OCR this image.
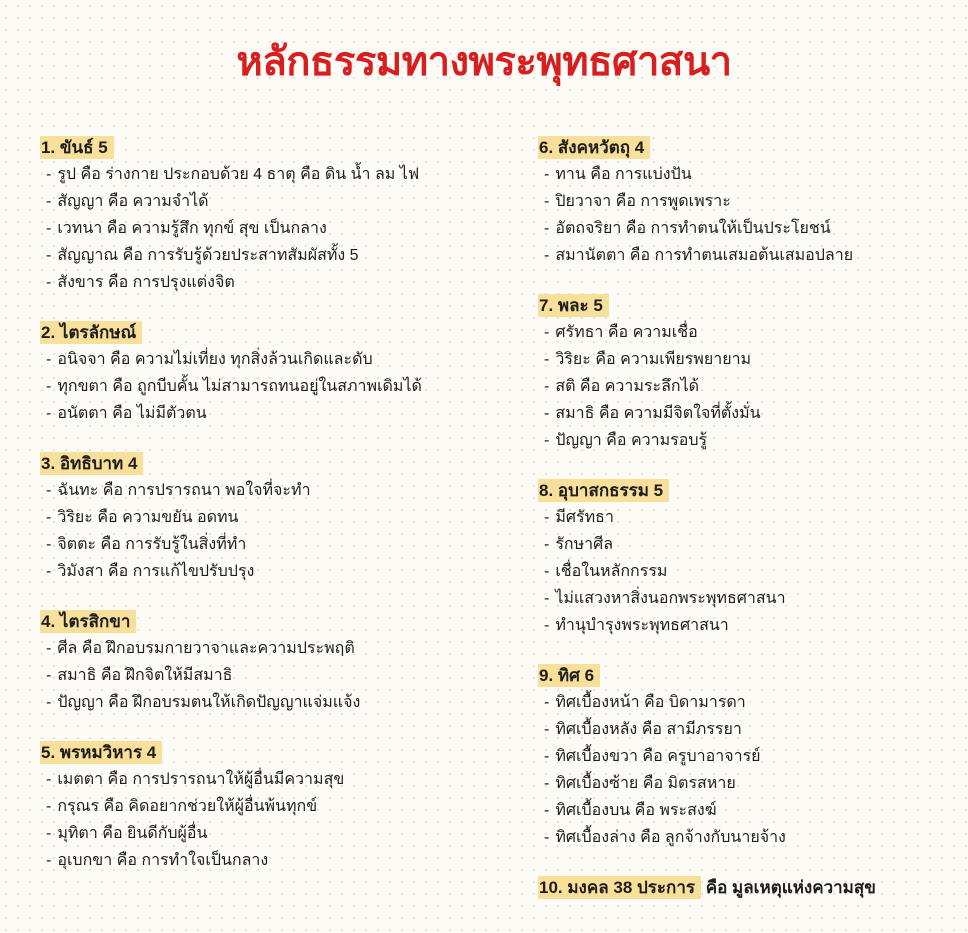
หลักธรรมทางพระพุทธศาสนา
1. ขันธ์ 5
- รูป คือ ร่างกาย ประกอบด้วย 4 ธาตุ คือ ดิน น้ำ ลม ไฟ
- สัญญา คือ ความจำได้
- เวทนา คือ ความรู้สึก ทุกข์ สุข เป็นกลาง
- สัญญาณ คือ การรับรู้ด้วยประสาทสัมผัสทั้ง 5
- สังขาร คือ การปรุงแต่งจิต
2. ไตรลักษณ์
- อนิจจา คือ ความไม่เที่ยง ทุกสิ่งล้วนเกิดและดับ
- ทุกขตา คือ ถูกบีบคั้น ไม่สามารถทนอยู่ในสภาพเดิมได้
- อนัตตา คือ ไม่มีตัวตน
3. อิทธิบาท 4
- ฉันทะ คือ การปรารถนา พอใจที่จะทำ
- วิริยะ คือ ความขยัน อดทน
- จิตตะ คือ การรับรู้ในสิ่งที่ทำ
- วิมังสา คือ การแก้ไขปรับปรุง
4. ไตรสิกขา
- ศีล คือ ฝึกอบรมกายวาจาและความประพฤติ
- สมาธิ คือ ฝึกจิตให้มีสมาธิ
- ปัญญา คือ ฝึกอบรมตนให้เกิดปัญญาแจ่มแจ้ง
5. พรหมวิหาร 4
- เมตตา คือ การปรารถนาให้ผู้อื่นมีความสุข
- กรุณร คือ คิดอยากช่วยให้ผู้อื่นพ้นทุกข์
- มุทิตา คือ ยินดีกับผู้อื่น
- อุเบกขา คือ การทำใจเป็นกลาง
6. สังคหวัตถุ 4
- ทาน คือ การแบ่งปัน
- ปิยวาจา คือ การพูดเพราะ
- อัตถจริยา คือ การทำตนให้เป็นประโยชน์
- สมานัตตา คือ การทำตนเสมอต้นเสมอปลาย
7. พละ 5
- ศรัทธา คือ ความเชื่อ
- วิริยะ คือ ความเพียรพยายาม
- สติ คือ ความระลึกได้
- สมาธิ คือ ความมีจิตใจที่ตั้งมั่น
- ปัญญา คือ ความรอบรู้
8. อุบาสกธรรม 5
- มีศรัทธา
- รักษาศีล
- เชื่อในหลักกรรม
- ไม่แสวงหาสิ่งนอกพระพุทธศาสนา
- ทำนุบำรุงพระพุทธศาสนา
9. ทิศ 6
- ทิศเบื้องหน้า คือ บิดามารดา
- ทิศเบื้องหลัง คือ สามีภรรยา
- ทิศเบื้องขวา คือ ครูบาอาจารย์
- ทิศเบื้องซ้าย คือ มิตรสหาย
- ทิศเบื้องบน คือ พระสงฆ์
- ทิศเบื้องล่าง คือ ลูกจ้างกับนายจ้าง
10. มงคล 38 ประการ คือ มูลเหตุแห่งความสุข
